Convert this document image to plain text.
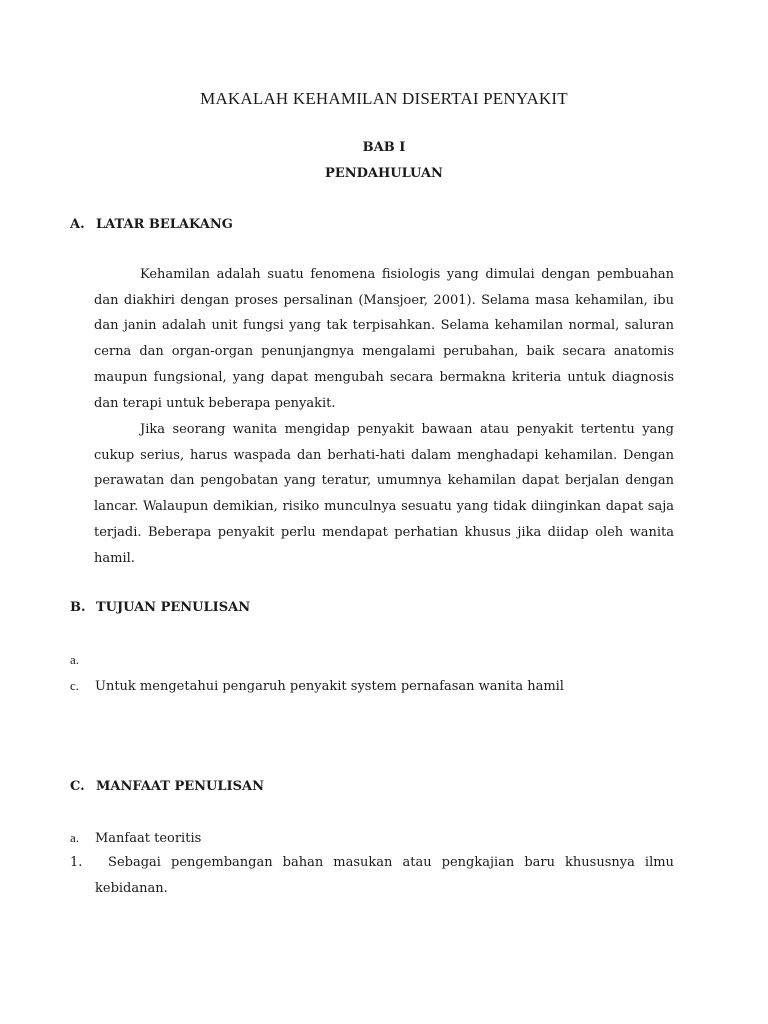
MAKALAH KEHAMILAN DISERTAI PENYAKIT
BAB I
PENDAHULUAN
A. LATAR BELAKANG

Kehamilan adalah suatu fenomena fisiologis yang dimulai dengan pembuahan dan diakhiri dengan proses persalinan (Mansjoer, 2001). Selama masa kehamilan, ibu dan janin adalah unit fungsi yang tak terpisahkan. Selama kehamilan normal, saluran cerna dan organ-organ penunjangnya mengalami perubahan, baik secara anatomis maupun fungsional, yang dapat mengubah secara bermakna kriteria untuk diagnosis dan terapi untuk beberapa penyakit.

Jika seorang wanita mengidap penyakit bawaan atau penyakit tertentu yang cukup serius, harus waspada dan berhati-hati dalam menghadapi kehamilan. Dengan perawatan dan pengobatan yang teratur, umumnya kehamilan dapat berjalan dengan lancar. Walaupun demikian, risiko munculnya sesuatu yang tidak diinginkan dapat saja terjadi. Beberapa penyakit perlu mendapat perhatian khusus jika diidap oleh wanita hamil.

B. TUJUAN PENULISAN
a.
c. Untuk mengetahui pengaruh penyakit system pernafasan wanita hamil
C. MANFAAT PENULISAN
a. Manfaat teoritis
1.	Sebagai pengembangan bahan masukan atau pengkajian baru khususnya ilmu
kebidanan.
